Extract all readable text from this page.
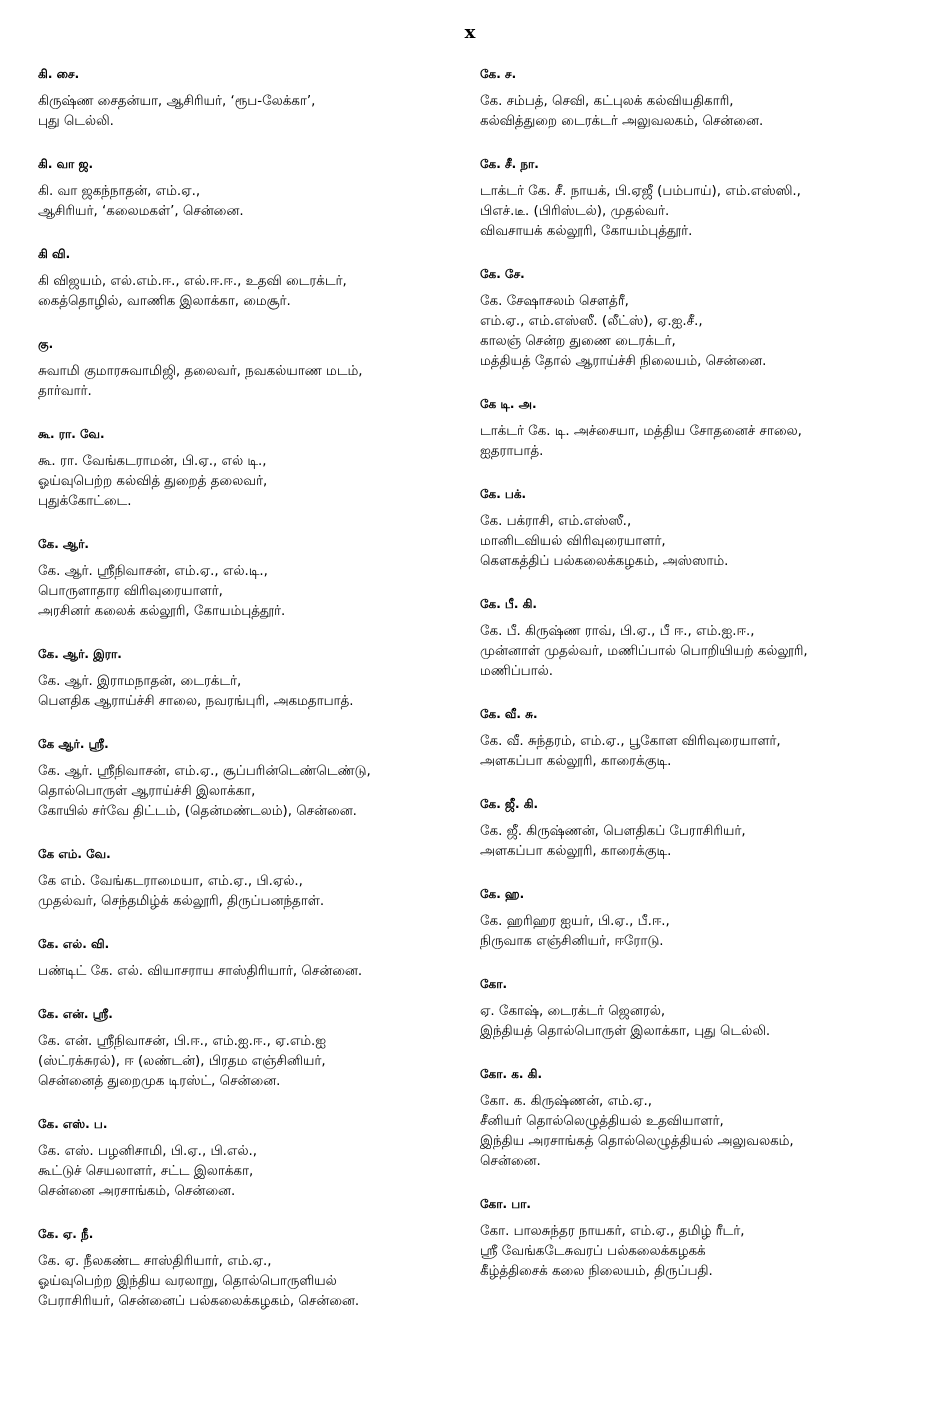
x
கி. சை.
கிருஷ்ண சைதன்யா, ஆசிரியர், ‘ரூப-லேக்கா’,
புது டெல்லி.
கி. வா ஜ.
கி. வா ஜகந்நாதன், எம்.ஏ.,
ஆசிரியர், ‘கலைமகள்’, சென்னை.
கி வி.
கி விஜயம், எல்.எம்.ஈ., எல்.ஈ.ஈ., உதவி டைரக்டர்,
கைத்தொழில், வாணிக இலாக்கா, மைசூர்.
கு.
சுவாமி குமாரசுவாமிஜி, தலைவர், நவகல்யாண மடம்,
தார்வார்.
கூ. ரா. வே.
கூ. ரா. வேங்கடராமன், பி.ஏ., எல் டி.,
ஓய்வுபெற்ற கல்வித் துறைத் தலைவர்,
புதுக்கோட்டை.
கே. ஆர்.
கே. ஆர். ஸ்ரீநிவாசன், எம்.ஏ., எல்.டி.,
பொருளாதார விரிவுரையாளர்,
அரசினர் கலைக் கல்லூரி, கோயம்புத்தூர்.
கே. ஆர். இரா.
கே. ஆர். இராமநாதன், டைரக்டர்,
பௌதிக ஆராய்ச்சி சாலை, நவரங்புரி, அகமதாபாத்.
கே ஆர். ஸ்ரீ.
கே. ஆர். ஸ்ரீநிவாசன், எம்.ஏ., சூப்பரின்டெண்டெண்டு,
தொல்பொருள் ஆராய்ச்சி இலாக்கா,
கோயில் சர்வே திட்டம், (தென்மண்டலம்), சென்னை.
கே எம். வே.
கே எம். வேங்கடராமையா, எம்.ஏ., பி.ஏல்.,
முதல்வர், செந்தமிழ்க் கல்லூரி, திருப்பனந்தாள்.
கே. எல். வி.
பண்டிட் கே. எல். வியாசராய சாஸ்திரியார், சென்னை.
கே. என். ஸ்ரீ.
கே. என். ஸ்ரீநிவாசன், பி.ஈ., எம்.ஐ.ஈ., ஏ.எம்.ஐ
(ஸ்ட்ரக்சுரல்), ஈ (லண்டன்), பிரதம எஞ்சினியர்,
சென்னைத் துறைமுக டிரஸ்ட், சென்னை.
கே. எஸ். ப.
கே. எஸ். பழனிசாமி, பி.ஏ., பி.எல்.,
கூட்டுச் செயலாளர், சட்ட இலாக்கா,
சென்னை அரசாங்கம், சென்னை.
கே. ஏ. நீ.
கே. ஏ. நீலகண்ட சாஸ்திரியார், எம்.ஏ.,
ஓய்வுபெற்ற இந்திய வரலாறு, தொல்பொருளியல்
பேராசிரியர், சென்னைப் பல்கலைக்கழகம், சென்னை.
கே. ச.
கே. சம்பத், செவி, கட்புலக் கல்வியதிகாரி,
கல்வித்துறை டைரக்டர் அலுவலகம், சென்னை.
கே. சீ. நா.
டாக்டர் கே. சீ. நாயக், பி.ஏஜீ (பம்பாய்), எம்.எஸ்ஸி.,
பிஎச்.டீ. (பிரிஸ்டல்), முதல்வர்.
விவசாயக் கல்லூரி, கோயம்புத்தூர்.
கே. சே.
கே. சேஷாசலம் சௌத்ரீ,
எம்.ஏ., எம்.எஸ்ஸீ. (லீட்ஸ்), ஏ.ஐ.சீ.,
காலஞ் சென்ற துணை டைரக்டர்,
மத்தியத் தோல் ஆராய்ச்சி நிலையம், சென்னை.
கே டி. அ.
டாக்டர் கே. டி. அச்சையா, மத்திய சோதனைச் சாலை,
ஐதராபாத்.
கே. பக்.
கே. பக்ராசி, எம்.எஸ்ஸீ.,
மானிடவியல் விரிவுரையாளர்,
கௌகத்திப் பல்கலைக்கழகம், அஸ்ஸாம்.
கே. பீ. கி.
கே. பீ. கிருஷ்ண ராவ், பி.ஏ., பீ ஈ., எம்.ஐ.ஈ.,
முன்னாள் முதல்வர், மணிப்பால் பொறியியற் கல்லூரி,
மணிப்பால்.
கே. வீ. சு.
கே. வீ. சுந்தரம், எம்.ஏ., பூகோள விரிவுரையாளர்,
அளகப்பா கல்லூரி, காரைக்குடி.
கே. ஜீ. கி.
கே. ஜீ. கிருஷ்ணன், பௌதிகப் பேராசிரியர்,
அளகப்பா கல்லூரி, காரைக்குடி.
கே. ஹ.
கே. ஹரிஹர ஐயர், பி.ஏ., பீ.ஈ.,
நிருவாக எஞ்சினியர், ஈரோடு.
கோ.
ஏ. கோஷ், டைரக்டர் ஜெனரல்,
இந்தியத் தொல்பொருள் இலாக்கா, புது டெல்லி.
கோ. க. கி.
கோ. க. கிருஷ்ணன், எம்.ஏ.,
சீனியர் தொல்லெழுத்தியல் உதவியாளர்,
இந்திய அரசாங்கத் தொல்லெழுத்தியல் அலுவலகம்,
சென்னை.
கோ. பா.
கோ. பாலசுந்தர நாயகர், எம்.ஏ., தமிழ் ரீடர்,
ஸ்ரீ வேங்கடேசுவரப் பல்கலைக்கழகக்
கீழ்த்திசைக் கலை நிலையம், திருப்பதி.
